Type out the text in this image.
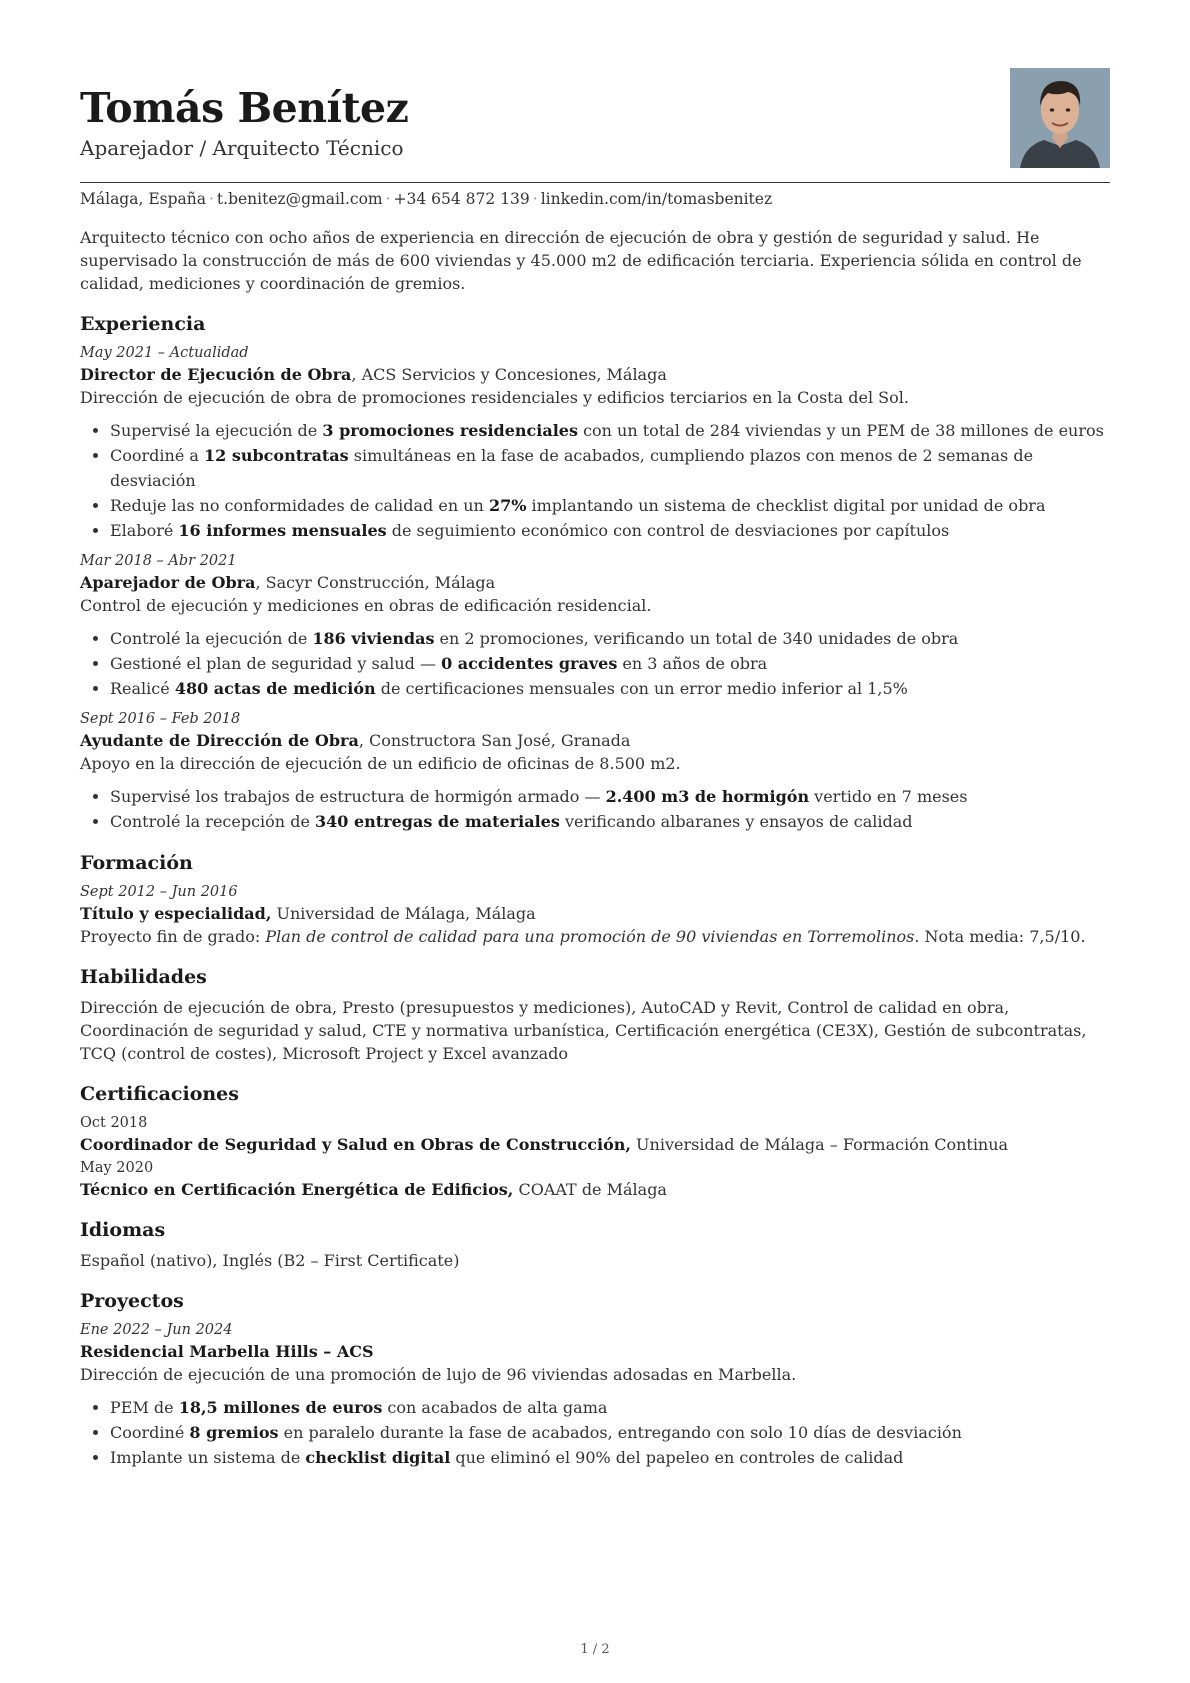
Tomás Benítez
Aparejador / Arquitecto Técnico
Málaga, España · t.benitez@gmail.com · +34 654 872 139 · linkedin.com/in/tomasbenitez
Arquitecto técnico con ocho años de experiencia en dirección de ejecución de obra y gestión de seguridad y salud. He supervisado la construcción de más de 600 viviendas y 45.000 m2 de edificación terciaria. Experiencia sólida en control de calidad, mediciones y coordinación de gremios.
Experiencia
May 2021 – Actualidad
Director de Ejecución de Obra, ACS Servicios y Concesiones, Málaga
Dirección de ejecución de obra de promociones residenciales y edificios terciarios en la Costa del Sol.
• Supervisé la ejecución de 3 promociones residenciales con un total de 284 viviendas y un PEM de 38 millones de euros
• Coordiné a 12 subcontratas simultáneas en la fase de acabados, cumpliendo plazos con menos de 2 semanas de desviación
• Reduje las no conformidades de calidad en un 27% implantando un sistema de checklist digital por unidad de obra
• Elaboré 16 informes mensuales de seguimiento económico con control de desviaciones por capítulos
Mar 2018 – Abr 2021
Aparejador de Obra, Sacyr Construcción, Málaga
Control de ejecución y mediciones en obras de edificación residencial.
• Controlé la ejecución de 186 viviendas en 2 promociones, verificando un total de 340 unidades de obra
• Gestioné el plan de seguridad y salud — 0 accidentes graves en 3 años de obra
• Realicé 480 actas de medición de certificaciones mensuales con un error medio inferior al 1,5%
Sept 2016 – Feb 2018
Ayudante de Dirección de Obra, Constructora San José, Granada
Apoyo en la dirección de ejecución de un edificio de oficinas de 8.500 m2.
• Supervisé los trabajos de estructura de hormigón armado — 2.400 m3 de hormigón vertido en 7 meses
• Controlé la recepción de 340 entregas de materiales verificando albaranes y ensayos de calidad
Formación
Sept 2012 – Jun 2016
Título y especialidad, Universidad de Málaga, Málaga
Proyecto fin de grado: Plan de control de calidad para una promoción de 90 viviendas en Torremolinos. Nota media: 7,5/10.
Habilidades
Dirección de ejecución de obra, Presto (presupuestos y mediciones), AutoCAD y Revit, Control de calidad en obra, Coordinación de seguridad y salud, CTE y normativa urbanística, Certificación energética (CE3X), Gestión de subcontratas, TCQ (control de costes), Microsoft Project y Excel avanzado
Certificaciones
Oct 2018
Coordinador de Seguridad y Salud en Obras de Construcción, Universidad de Málaga – Formación Continua
May 2020
Técnico en Certificación Energética de Edificios, COAAT de Málaga
Idiomas
Español (nativo), Inglés (B2 – First Certificate)
Proyectos
Ene 2022 – Jun 2024
Residencial Marbella Hills – ACS
Dirección de ejecución de una promoción de lujo de 96 viviendas adosadas en Marbella.
• PEM de 18,5 millones de euros con acabados de alta gama
• Coordiné 8 gremios en paralelo durante la fase de acabados, entregando con solo 10 días de desviación
• Implante un sistema de checklist digital que eliminó el 90% del papeleo en controles de calidad
1 / 2
